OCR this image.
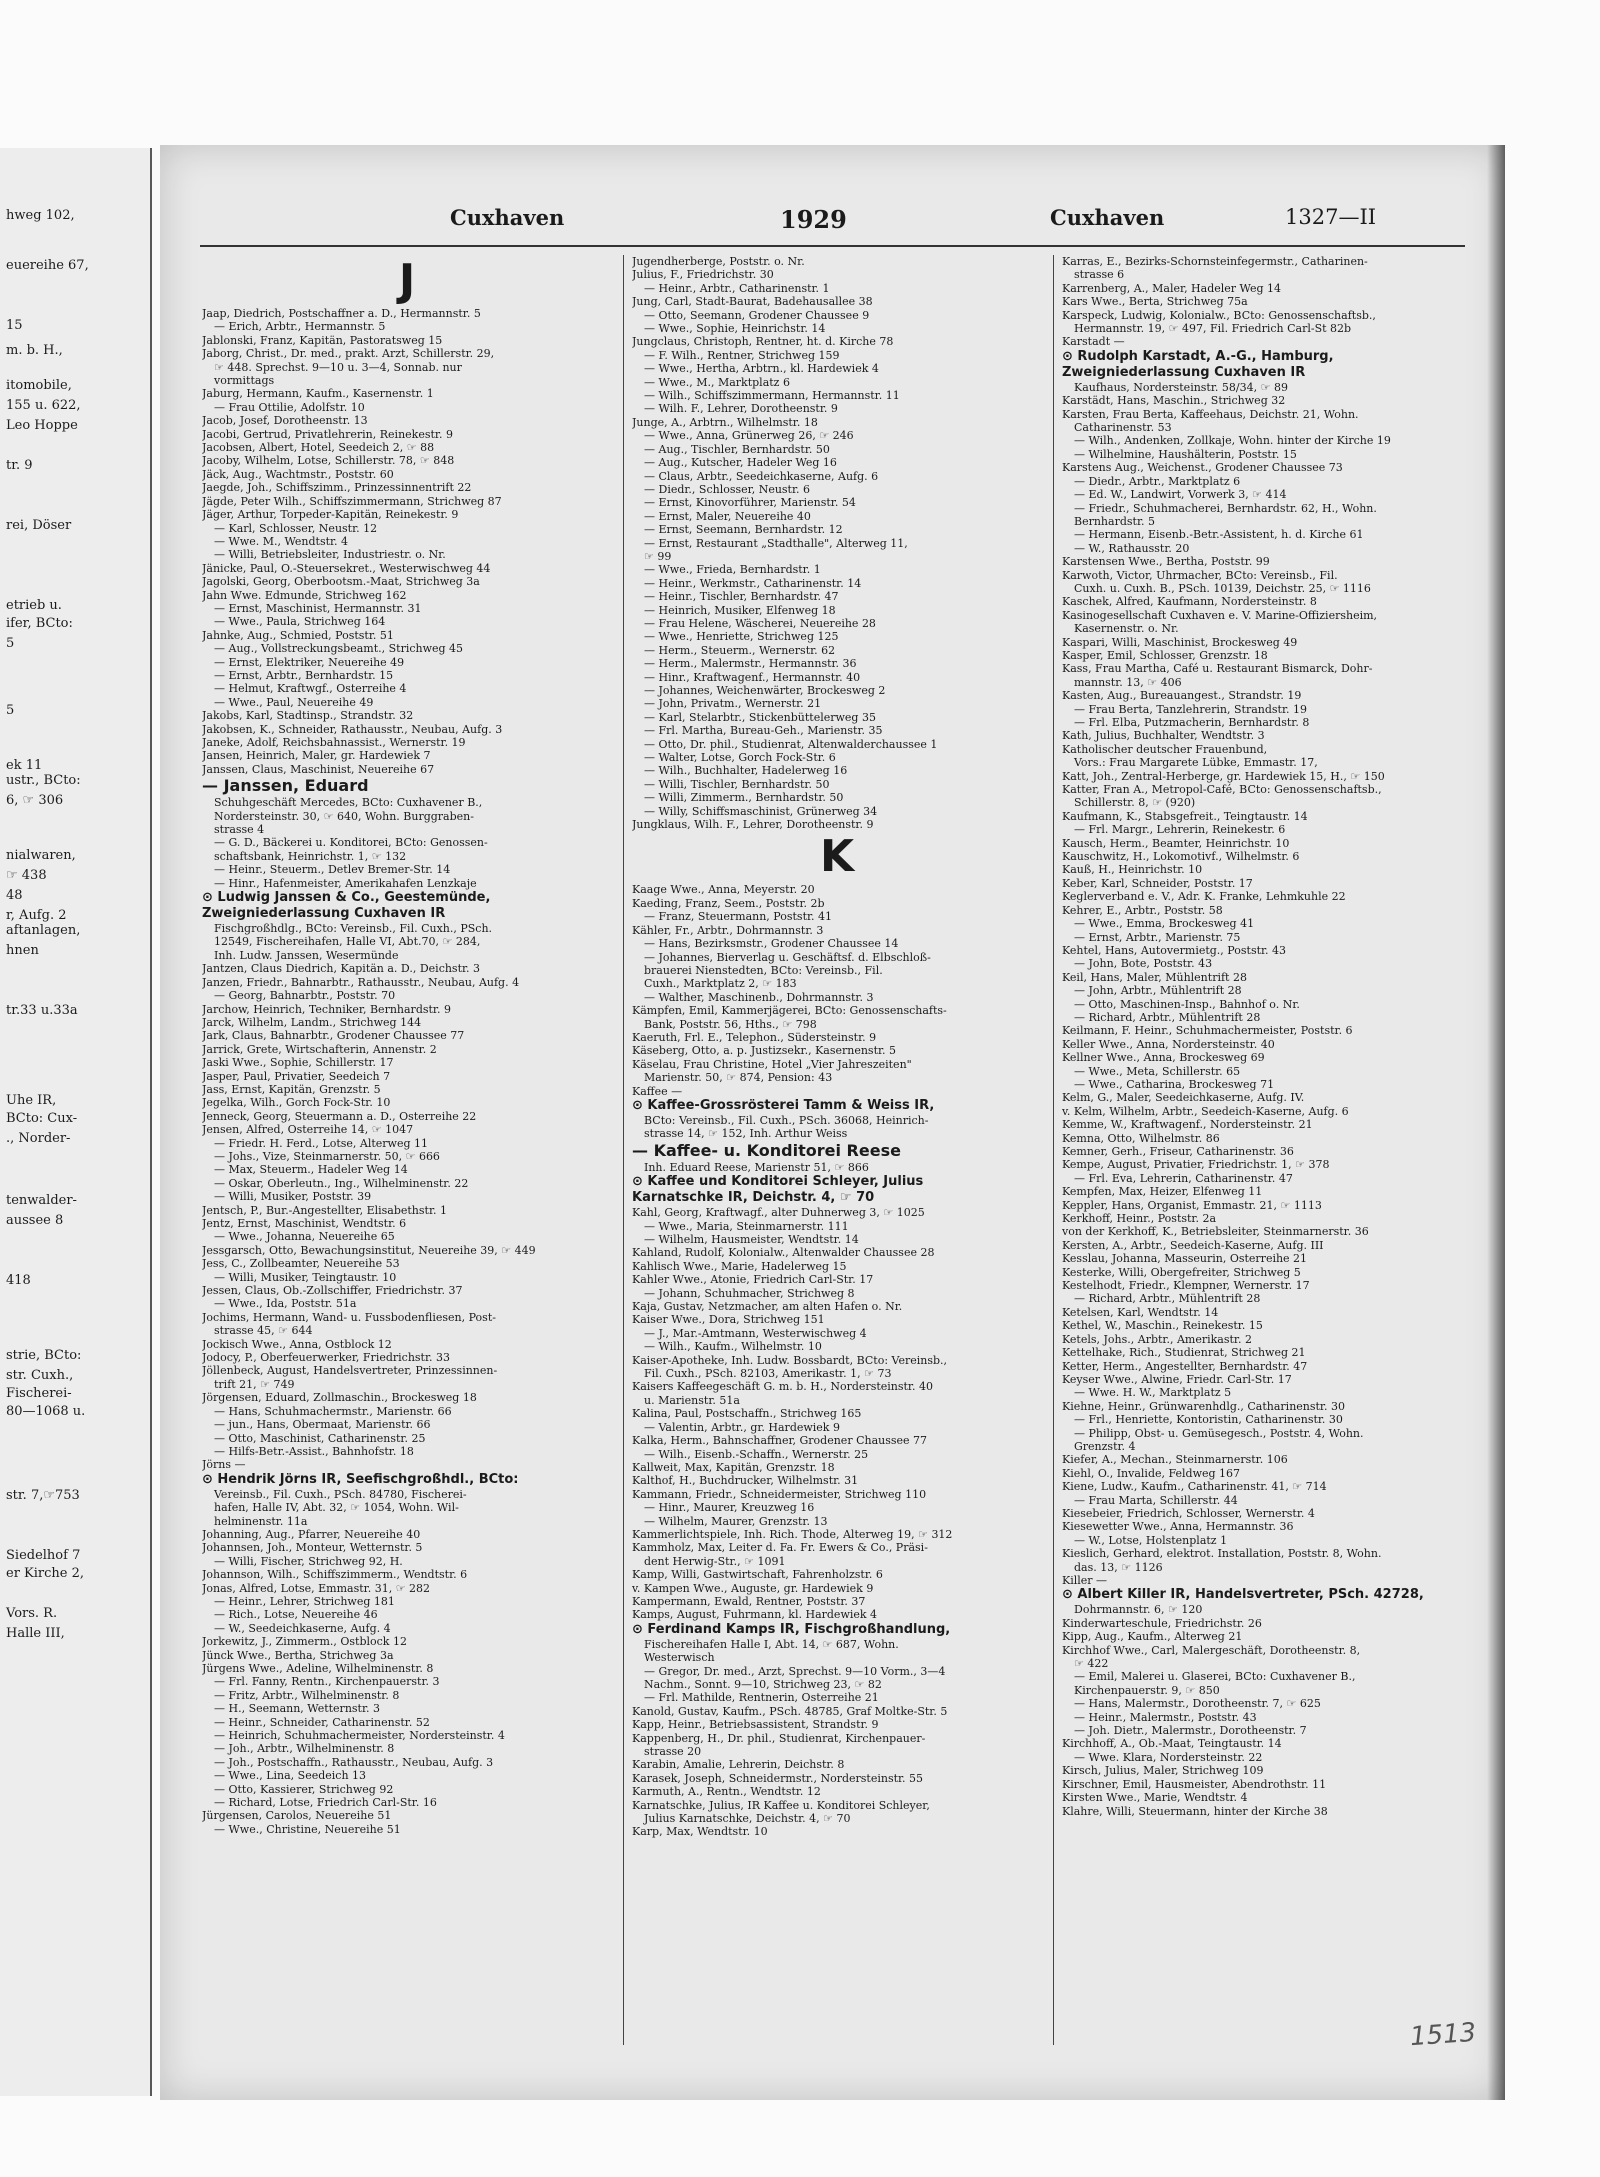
hweg 102,
euereihe 67,
15
m. b. H.,
itomobile,
155 u. 622,
Leo Hoppe
tr. 9
rei, Döser
etrieb u.
ifer, BCto:
5
5
ek 11
ustr., BCto:
6, ☞ 306
nialwaren,
☞ 438
48
r, Aufg. 2
aftanlagen,
hnen
tr.33 u.33a
Uhe IR,
BCto: Cux-
., Norder-
tenwalder-
aussee 8
418
strie, BCto:
str. Cuxh.,
Fischerei-
80—1068 u.
str. 7,☞753
Siedelhof 7
er Kirche 2,
Vors. R.
Halle III,
Cuxhaven	1929	Cuxhaven	1327—II
J
Jaap, Diedrich, Postschaffner a. D., Hermannstr. 5
— Erich, Arbtr., Hermannstr. 5
Jablonski, Franz, Kapitän, Pastoratsweg 15
Jaborg, Christ., Dr. med., prakt. Arzt, Schillerstr. 29,
☞ 448. Sprechst. 9—10 u. 3—4, Sonnab. nur
vormittags
Jaburg, Hermann, Kaufm., Kasernenstr. 1
— Frau Ottilie, Adolfstr. 10
Jacob, Josef, Dorotheenstr. 13
Jacobi, Gertrud, Privatlehrerin, Reinekestr. 9
Jacobsen, Albert, Hotel, Seedeich 2, ☞ 88
Jacoby, Wilhelm, Lotse, Schillerstr. 78, ☞ 848
Jäck, Aug., Wachtmstr., Poststr. 60
Jaegde, Joh., Schiffszimm., Prinzessinnentrift 22
Jägde, Peter Wilh., Schiffszimmermann, Strichweg 87
Jäger, Arthur, Torpeder-Kapitän, Reinekestr. 9
— Karl, Schlosser, Neustr. 12
— Wwe. M., Wendtstr. 4
— Willi, Betriebsleiter, Industriestr. o. Nr.
Jänicke, Paul, O.-Steuersekret., Westerwischweg 44
Jagolski, Georg, Oberbootsm.-Maat, Strichweg 3a
Jahn Wwe. Edmunde, Strichweg 162
— Ernst, Maschinist, Hermannstr. 31
— Wwe., Paula, Strichweg 164
Jahnke, Aug., Schmied, Poststr. 51
— Aug., Vollstreckungsbeamt., Strichweg 45
— Ernst, Elektriker, Neuereihe 49
— Ernst, Arbtr., Bernhardstr. 15
— Helmut, Kraftwgf., Osterreihe 4
— Wwe., Paul, Neuereihe 49
Jakobs, Karl, Stadtinsp., Strandstr. 32
Jakobsen, K., Schneider, Rathausstr., Neubau, Aufg. 3
Janeke, Adolf, Reichsbahnassist., Wernerstr. 19
Jansen, Heinrich, Maler, gr. Hardewiek 7
Janssen, Claus, Maschinist, Neuereihe 67
— Janssen, Eduard
Schuhgeschäft Mercedes, BCto: Cuxhavener B.,
Nordersteinstr. 30, ☞ 640, Wohn. Burggraben-
strasse 4
— G. D., Bäckerei u. Konditorei, BCto: Genossen-
schaftsbank, Heinrichstr. 1, ☞ 132
— Heinr., Steuerm., Detlev Bremer-Str. 14
— Hinr., Hafenmeister, Amerikahafen Lenzkaje
⊙ Ludwig Janssen & Co., Geestemünde,
Zweigniederlassung Cuxhaven IR
Fischgroßhdlg., BCto: Vereinsb., Fil. Cuxh., PSch.
12549, Fischereihafen, Halle VI, Abt.70, ☞ 284,
Inh. Ludw. Janssen, Wesermünde
Jantzen, Claus Diedrich, Kapitän a. D., Deichstr. 3
Janzen, Friedr., Bahnarbtr., Rathausstr., Neubau, Aufg. 4
— Georg, Bahnarbtr., Poststr. 70
Jarchow, Heinrich, Techniker, Bernhardstr. 9
Jarck, Wilhelm, Landm., Strichweg 144
Jark, Claus, Bahnarbtr., Grodener Chaussee 77
Jarrick, Grete, Wirtschafterin, Annenstr. 2
Jaski Wwe., Sophie, Schillerstr. 17
Jasper, Paul, Privatier, Seedeich 7
Jass, Ernst, Kapitän, Grenzstr. 5
Jegelka, Wilh., Gorch Fock-Str. 10
Jenneck, Georg, Steuermann a. D., Osterreihe 22
Jensen, Alfred, Osterreihe 14, ☞ 1047
— Friedr. H. Ferd., Lotse, Alterweg 11
— Johs., Vize, Steinmarnerstr. 50, ☞ 666
— Max, Steuerm., Hadeler Weg 14
— Oskar, Oberleutn., Ing., Wilhelminenstr. 22
— Willi, Musiker, Poststr. 39
Jentsch, P., Bur.-Angestellter, Elisabethstr. 1
Jentz, Ernst, Maschinist, Wendtstr. 6
— Wwe., Johanna, Neuereihe 65
Jessgarsch, Otto, Bewachungsinstitut, Neuereihe 39, ☞ 449
Jess, C., Zollbeamter, Neuereihe 53
— Willi, Musiker, Teingtaustr. 10
Jessen, Claus, Ob.-Zollschiffer, Friedrichstr. 37
— Wwe., Ida, Poststr. 51a
Jochims, Hermann, Wand- u. Fussbodenfliesen, Post-
strasse 45, ☞ 644
Jockisch Wwe., Anna, Ostblock 12
Jodocy, P., Oberfeuerwerker, Friedrichstr. 33
Jöllenbeck, August, Handelsvertreter, Prinzessinnen-
trift 21, ☞ 749
Jörgensen, Eduard, Zollmaschin., Brockesweg 18
— Hans, Schuhmachermstr., Marienstr. 66
— jun., Hans, Obermaat, Marienstr. 66
— Otto, Maschinist, Catharinenstr. 25
— Hilfs-Betr.-Assist., Bahnhofstr. 18
Jörns —
⊙ Hendrik Jörns IR, Seefischgroßhdl., BCto:
Vereinsb., Fil. Cuxh., PSch. 84780, Fischerei-
hafen, Halle IV, Abt. 32, ☞ 1054, Wohn. Wil-
helminenstr. 11a
Johanning, Aug., Pfarrer, Neuereihe 40
Johannsen, Joh., Monteur, Wetternstr. 5
— Willi, Fischer, Strichweg 92, H.
Johannson, Wilh., Schiffszimmerm., Wendtstr. 6
Jonas, Alfred, Lotse, Emmastr. 31, ☞ 282
— Heinr., Lehrer, Strichweg 181
— Rich., Lotse, Neuereihe 46
— W., Seedeichkaserne, Aufg. 4
Jorkewitz, J., Zimmerm., Ostblock 12
Jünck Wwe., Bertha, Strichweg 3a
Jürgens Wwe., Adeline, Wilhelminenstr. 8
— Frl. Fanny, Rentn., Kirchenpauerstr. 3
— Fritz, Arbtr., Wilhelminenstr. 8
— H., Seemann, Wetternstr. 3
— Heinr., Schneider, Catharinenstr. 52
— Heinrich, Schuhmachermeister, Nordersteinstr. 4
— Joh., Arbtr., Wilhelminenstr. 8
— Joh., Postschaffn., Rathausstr., Neubau, Aufg. 3
— Wwe., Lina, Seedeich 13
— Otto, Kassierer, Strichweg 92
— Richard, Lotse, Friedrich Carl-Str. 16
Jürgensen, Carolos, Neuereihe 51
— Wwe., Christine, Neuereihe 51
Jugendherberge, Poststr. o. Nr.
Julius, F., Friedrichstr. 30
— Heinr., Arbtr., Catharinenstr. 1
Jung, Carl, Stadt-Baurat, Badehausallee 38
— Otto, Seemann, Grodener Chaussee 9
— Wwe., Sophie, Heinrichstr. 14
Jungclaus, Christoph, Rentner, ht. d. Kirche 78
— F. Wilh., Rentner, Strichweg 159
— Wwe., Hertha, Arbtrn., kl. Hardewiek 4
— Wwe., M., Marktplatz 6
— Wilh., Schiffszimmermann, Hermannstr. 11
— Wilh. F., Lehrer, Dorotheenstr. 9
Junge, A., Arbtrn., Wilhelmstr. 18
— Wwe., Anna, Grünerweg 26, ☞ 246
— Aug., Tischler, Bernhardstr. 50
— Aug., Kutscher, Hadeler Weg 16
— Claus, Arbtr., Seedeichkaserne, Aufg. 6
— Diedr., Schlosser, Neustr. 6
— Ernst, Kinovorführer, Marienstr. 54
— Ernst, Maler, Neuereihe 40
— Ernst, Seemann, Bernhardstr. 12
— Ernst, Restaurant „Stadthalle", Alterweg 11,
☞ 99
— Wwe., Frieda, Bernhardstr. 1
— Heinr., Werkmstr., Catharinenstr. 14
— Heinr., Tischler, Bernhardstr. 47
— Heinrich, Musiker, Elfenweg 18
— Frau Helene, Wäscherei, Neuereihe 28
— Wwe., Henriette, Strichweg 125
— Herm., Steuerm., Wernerstr. 62
— Herm., Malermstr., Hermannstr. 36
— Hinr., Kraftwagenf., Hermannstr. 40
— Johannes, Weichenwärter, Brockesweg 2
— John, Privatm., Wernerstr. 21
— Karl, Stelarbtr., Stickenbüttelerweg 35
— Frl. Martha, Bureau-Geh., Marienstr. 35
— Otto, Dr. phil., Studienrat, Altenwalderchaussee 1
— Walter, Lotse, Gorch Fock-Str. 6
— Wilh., Buchhalter, Hadelerweg 16
— Willi, Tischler, Bernhardstr. 50
— Willi, Zimmerm., Bernhardstr. 50
— Willy, Schiffsmaschinist, Grünerweg 34
Jungklaus, Wilh. F., Lehrer, Dorotheenstr. 9
K
Kaage Wwe., Anna, Meyerstr. 20
Kaeding, Franz, Seem., Poststr. 2b
— Franz, Steuermann, Poststr. 41
Kähler, Fr., Arbtr., Dohrmannstr. 3
— Hans, Bezirksmstr., Grodener Chaussee 14
— Johannes, Bierverlag u. Geschäftsf. d. Elbschloß-
brauerei Nienstedten, BCto: Vereinsb., Fil.
Cuxh., Marktplatz 2, ☞ 183
— Walther, Maschinenb., Dohrmannstr. 3
Kämpfen, Emil, Kammerjägerei, BCto: Genossenschafts-
Bank, Poststr. 56, Hths., ☞ 798
Kaeruth, Frl. E., Telephon., Südersteinstr. 9
Käseberg, Otto, a. p. Justizsekr., Kasernenstr. 5
Käselau, Frau Christine, Hotel „Vier Jahreszeiten"
Marienstr. 50, ☞ 874, Pension: 43
Kaffee —
⊙ Kaffee-Grossrösterei Tamm & Weiss IR,
BCto: Vereinsb., Fil. Cuxh., PSch. 36068, Heinrich-
strasse 14, ☞ 152, Inh. Arthur Weiss
— Kaffee- u. Konditorei Reese
Inh. Eduard Reese, Marienstr 51, ☞ 866
⊙ Kaffee und Konditorei Schleyer, Julius
Karnatschke IR, Deichstr. 4, ☞ 70
Kahl, Georg, Kraftwagf., alter Duhnerweg 3, ☞ 1025
— Wwe., Maria, Steinmarnerstr. 111
— Wilhelm, Hausmeister, Wendtstr. 14
Kahland, Rudolf, Kolonialw., Altenwalder Chaussee 28
Kahlisch Wwe., Marie, Hadelerweg 15
Kahler Wwe., Atonie, Friedrich Carl-Str. 17
— Johann, Schuhmacher, Strichweg 8
Kaja, Gustav, Netzmacher, am alten Hafen o. Nr.
Kaiser Wwe., Dora, Strichweg 151
— J., Mar.-Amtmann, Westerwischweg 4
— Wilh., Kaufm., Wilhelmstr. 10
Kaiser-Apotheke, Inh. Ludw. Bossbardt, BCto: Vereinsb.,
Fil. Cuxh., PSch. 82103, Amerikastr. 1, ☞ 73
Kaisers Kaffeegeschäft G. m. b. H., Nordersteinstr. 40
u. Marienstr. 51a
Kalina, Paul, Postschaffn., Strichweg 165
— Valentin, Arbtr., gr. Hardewiek 9
Kalka, Herm., Bahnschaffner, Grodener Chaussee 77
— Wilh., Eisenb.-Schaffn., Wernerstr. 25
Kallweit, Max, Kapitän, Grenzstr. 18
Kalthof, H., Buchdrucker, Wilhelmstr. 31
Kammann, Friedr., Schneidermeister, Strichweg 110
— Hinr., Maurer, Kreuzweg 16
— Wilhelm, Maurer, Grenzstr. 13
Kammerlichtspiele, Inh. Rich. Thode, Alterweg 19, ☞ 312
Kammholz, Max, Leiter d. Fa. Fr. Ewers & Co., Präsi-
dent Herwig-Str., ☞ 1091
Kamp, Willi, Gastwirtschaft, Fahrenholzstr. 6
v. Kampen Wwe., Auguste, gr. Hardewiek 9
Kampermann, Ewald, Rentner, Poststr. 37
Kamps, August, Fuhrmann, kl. Hardewiek 4
⊙ Ferdinand Kamps IR, Fischgroßhandlung,
Fischereihafen Halle I, Abt. 14, ☞ 687, Wohn.
Westerwisch
— Gregor, Dr. med., Arzt, Sprechst. 9—10 Vorm., 3—4
Nachm., Sonnt. 9—10, Strichweg 23, ☞ 82
— Frl. Mathilde, Rentnerin, Osterreihe 21
Kanold, Gustav, Kaufm., PSch. 48785, Graf Moltke-Str. 5
Kapp, Heinr., Betriebsassistent, Strandstr. 9
Kappenberg, H., Dr. phil., Studienrat, Kirchenpauer-
strasse 20
Karabin, Amalie, Lehrerin, Deichstr. 8
Karasek, Joseph, Schneidermstr., Nordersteinstr. 55
Karmuth, A., Rentn., Wendtstr. 12
Karnatschke, Julius, IR Kaffee u. Konditorei Schleyer,
Julius Karnatschke, Deichstr. 4, ☞ 70
Karp, Max, Wendtstr. 10
Karras, E., Bezirks-Schornsteinfegermstr., Catharinen-
strasse 6
Karrenberg, A., Maler, Hadeler Weg 14
Kars Wwe., Berta, Strichweg 75a
Karspeck, Ludwig, Kolonialw., BCto: Genossenschaftsb.,
Hermannstr. 19, ☞ 497, Fil. Friedrich Carl-St 82b
Karstadt —
⊙ Rudolph Karstadt, A.-G., Hamburg,
Zweigniederlassung Cuxhaven IR
Kaufhaus, Nordersteinstr. 58/34, ☞ 89
Karstädt, Hans, Maschin., Strichweg 32
Karsten, Frau Berta, Kaffeehaus, Deichstr. 21, Wohn.
Catharinenstr. 53
— Wilh., Andenken, Zollkaje, Wohn. hinter der Kirche 19
— Wilhelmine, Haushälterin, Poststr. 15
Karstens Aug., Weichenst., Grodener Chaussee 73
— Diedr., Arbtr., Marktplatz 6
— Ed. W., Landwirt, Vorwerk 3, ☞ 414
— Friedr., Schuhmacherei, Bernhardstr. 62, H., Wohn.
Bernhardstr. 5
— Hermann, Eisenb.-Betr.-Assistent, h. d. Kirche 61
— W., Rathausstr. 20
Karstensen Wwe., Bertha, Poststr. 99
Karwoth, Victor, Uhrmacher, BCto: Vereinsb., Fil.
Cuxh. u. Cuxh. B., PSch. 10139, Deichstr. 25, ☞ 1116
Kaschek, Alfred, Kaufmann, Nordersteinstr. 8
Kasinogesellschaft Cuxhaven e. V. Marine-Offiziersheim,
Kasernenstr. o. Nr.
Kaspari, Willi, Maschinist, Brockesweg 49
Kasper, Emil, Schlosser, Grenzstr. 18
Kass, Frau Martha, Café u. Restaurant Bismarck, Dohr-
mannstr. 13, ☞ 406
Kasten, Aug., Bureauangest., Strandstr. 19
— Frau Berta, Tanzlehrerin, Strandstr. 19
— Frl. Elba, Putzmacherin, Bernhardstr. 8
Kath, Julius, Buchhalter, Wendtstr. 3
Katholischer deutscher Frauenbund,
Vors.: Frau Margarete Lübke, Emmastr. 17,
Katt, Joh., Zentral-Herberge, gr. Hardewiek 15, H., ☞ 150
Katter, Fran A., Metropol-Café, BCto: Genossenschaftsb.,
Schillerstr. 8, ☞ (920)
Kaufmann, K., Stabsgefreit., Teingtaustr. 14
— Frl. Margr., Lehrerin, Reinekestr. 6
Kausch, Herm., Beamter, Heinrichstr. 10
Kauschwitz, H., Lokomotivf., Wilhelmstr. 6
Kauß, H., Heinrichstr. 10
Keber, Karl, Schneider, Poststr. 17
Keglerverband e. V., Adr. K. Franke, Lehmkuhle 22
Kehrer, E., Arbtr., Poststr. 58
— Wwe., Emma, Brockesweg 41
— Ernst, Arbtr., Marienstr. 75
Kehtel, Hans, Autovermietg., Poststr. 43
— John, Bote, Poststr. 43
Keil, Hans, Maler, Mühlentrift 28
— John, Arbtr., Mühlentrift 28
— Otto, Maschinen-Insp., Bahnhof o. Nr.
— Richard, Arbtr., Mühlentrift 28
Keilmann, F. Heinr., Schuhmachermeister, Poststr. 6
Keller Wwe., Anna, Nordersteinstr. 40
Kellner Wwe., Anna, Brockesweg 69
— Wwe., Meta, Schillerstr. 65
— Wwe., Catharina, Brockesweg 71
Kelm, G., Maler, Seedeichkaserne, Aufg. IV.
v. Kelm, Wilhelm, Arbtr., Seedeich-Kaserne, Aufg. 6
Kemme, W., Kraftwagenf., Nordersteinstr. 21
Kemna, Otto, Wilhelmstr. 86
Kemner, Gerh., Friseur, Catharinenstr. 36
Kempe, August, Privatier, Friedrichstr. 1, ☞ 378
— Frl. Eva, Lehrerin, Catharinenstr. 47
Kempfen, Max, Heizer, Elfenweg 11
Keppler, Hans, Organist, Emmastr. 21, ☞ 1113
Kerkhoff, Heinr., Poststr. 2a
von der Kerkhoff, K., Betriebsleiter, Steinmarnerstr. 36
Kersten, A., Arbtr., Seedeich-Kaserne, Aufg. III
Kesslau, Johanna, Masseurin, Osterreihe 21
Kesterke, Willi, Obergefreiter, Strichweg 5
Kestelhodt, Friedr., Klempner, Wernerstr. 17
— Richard, Arbtr., Mühlentrift 28
Ketelsen, Karl, Wendtstr. 14
Kethel, W., Maschin., Reinekestr. 15
Ketels, Johs., Arbtr., Amerikastr. 2
Kettelhake, Rich., Studienrat, Strichweg 21
Ketter, Herm., Angestellter, Bernhardstr. 47
Keyser Wwe., Alwine, Friedr. Carl-Str. 17
— Wwe. H. W., Marktplatz 5
Kiehne, Heinr., Grünwarenhdlg., Catharinenstr. 30
— Frl., Henriette, Kontoristin, Catharinenstr. 30
— Philipp, Obst- u. Gemüsegesch., Poststr. 4, Wohn.
Grenzstr. 4
Kiefer, A., Mechan., Steinmarnerstr. 106
Kiehl, O., Invalide, Feldweg 167
Kiene, Ludw., Kaufm., Catharinenstr. 41, ☞ 714
— Frau Marta, Schillerstr. 44
Kiesebeier, Friedrich, Schlosser, Wernerstr. 4
Kiesewetter Wwe., Anna, Hermannstr. 36
— W., Lotse, Holstenplatz 1
Kieslich, Gerhard, elektrot. Installation, Poststr. 8, Wohn.
das. 13, ☞ 1126
Killer —
⊙ Albert Killer IR, Handelsvertreter, PSch. 42728,
Dohrmannstr. 6, ☞ 120
Kinderwarteschule, Friedrichstr. 26
Kipp, Aug., Kaufm., Alterweg 21
Kirchhof Wwe., Carl, Malergeschäft, Dorotheenstr. 8,
☞ 422
— Emil, Malerei u. Glaserei, BCto: Cuxhavener B.,
Kirchenpauerstr. 9, ☞ 850
— Hans, Malermstr., Dorotheenstr. 7, ☞ 625
— Heinr., Malermstr., Poststr. 43
— Joh. Dietr., Malermstr., Dorotheenstr. 7
Kirchhoff, A., Ob.-Maat, Teingtaustr. 14
— Wwe. Klara, Nordersteinstr. 22
Kirsch, Julius, Maler, Strichweg 109
Kirschner, Emil, Hausmeister, Abendrothstr. 11
Kirsten Wwe., Marie, Wendtstr. 4
Klahre, Willi, Steuermann, hinter der Kirche 38
1513
